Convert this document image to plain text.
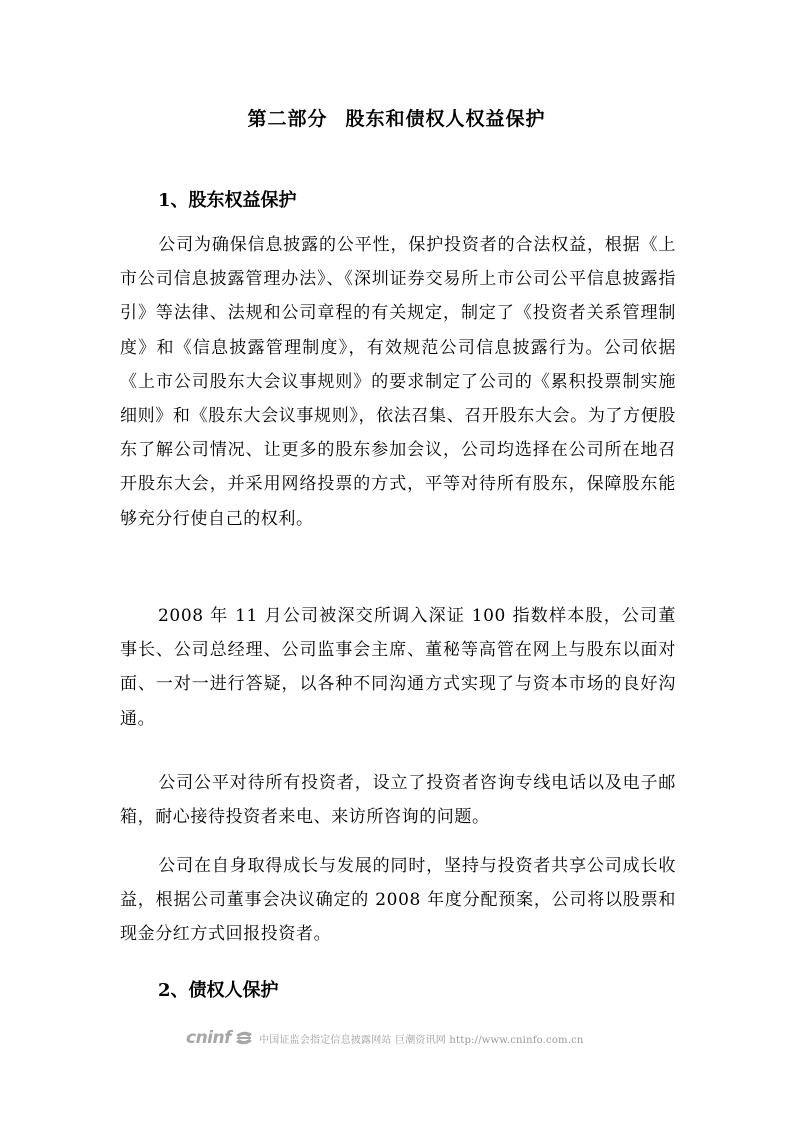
第二部分 股东和债权人权益保护
1、股东权益保护

公司为确保信息披露的公平性，保护投资者的合法权益，根据《上市公司信息披露管理办法》、《深圳证券交易所上市公司公平信息披露指引》等法律、法规和公司章程的有关规定，制定了《投资者关系管理制度》和《信息披露管理制度》，有效规范公司信息披露行为。公司依据《上市公司股东大会议事规则》的要求制定了公司的《累积投票制实施细则》和《股东大会议事规则》，依法召集、召开股东大会。为了方便股东了解公司情况、让更多的股东参加会议，公司均选择在公司所在地召开股东大会，并采用网络投票的方式，平等对待所有股东，保障股东能够充分行使自己的权利。

2008 年 11 月公司被深交所调入深证 100 指数样本股，公司董事长、公司总经理、公司监事会主席、董秘等高管在网上与股东以面对面、一对一进行答疑，以各种不同沟通方式实现了与资本市场的良好沟通。

公司公平对待所有投资者，设立了投资者咨询专线电话以及电子邮箱，耐心接待投资者来电、来访所咨询的问题。

公司在自身取得成长与发展的同时，坚持与投资者共享公司成长收益，根据公司董事会决议确定的 2008 年度分配预案，公司将以股票和现金分红方式回报投资者。

2、债权人保护
cninf	中国证监会指定信息披露网站 巨潮资讯网 http://www.cninfo.com.cn
